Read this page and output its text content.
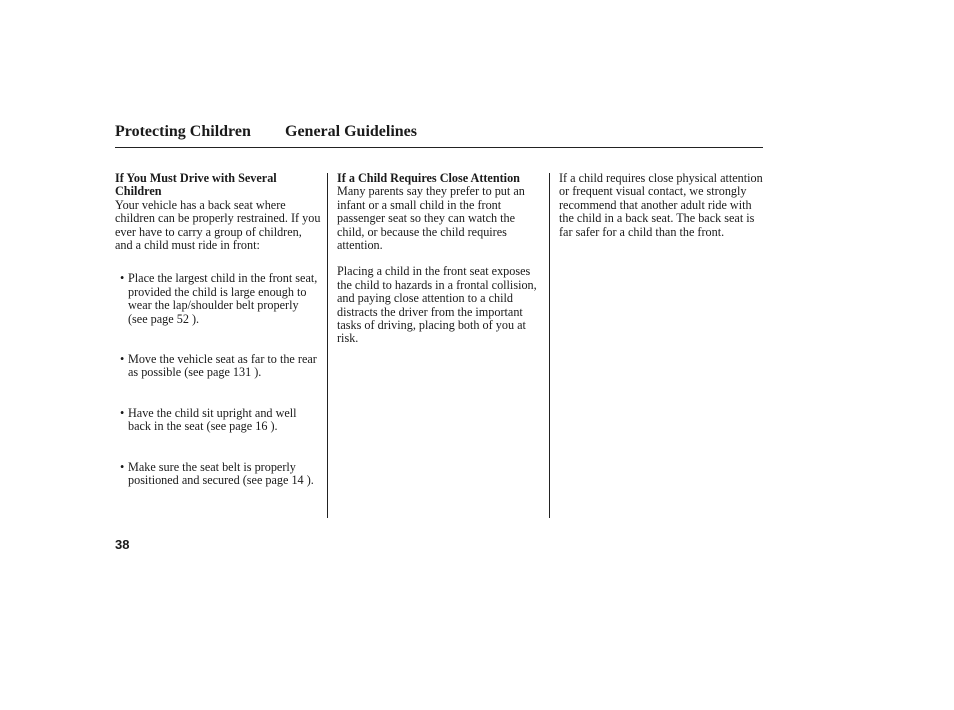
Protecting Children General Guidelines

If You Must Drive with Several Children

Your vehicle has a back seat where children can be properly restrained. If you ever have to carry a group of children, and a child must ride in front:

• Place the largest child in the front seat, provided the child is large enough to wear the lap/shoulder belt properly (see page 52 ).

• Move the vehicle seat as far to the rear as possible (see page 131 ).

• Have the child sit upright and well back in the seat (see page 16 ).

• Make sure the seat belt is properly positioned and secured (see page 14 ).

If a Child Requires Close Attention

Many parents say they prefer to put an infant or a small child in the front passenger seat so they can watch the child, or because the child requires attention.

Placing a child in the front seat exposes the child to hazards in a frontal collision, and paying close attention to a child distracts the driver from the important tasks of driving, placing both of you at risk.

If a child requires close physical attention or frequent visual contact, we strongly recommend that another adult ride with the child in a back seat. The back seat is far safer for a child than the front.

38
